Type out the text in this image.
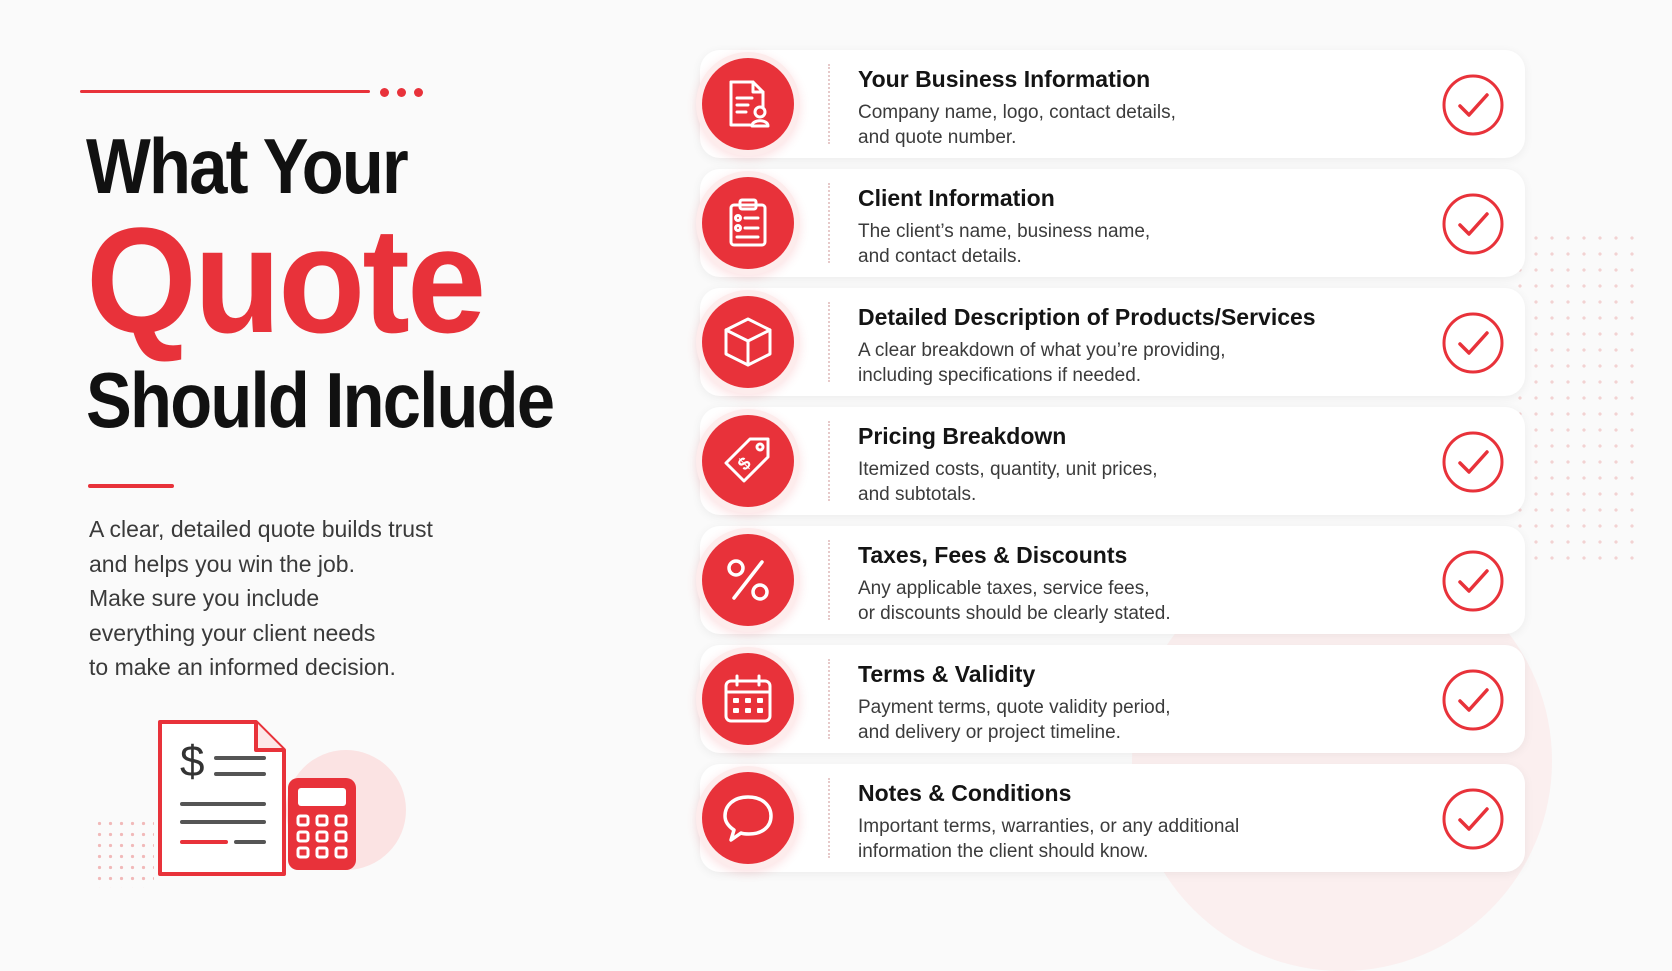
What Your
Quote
Should Include
A clear, detailed quote builds trust
and helps you win the job.
Make sure you include
everything your client needs
to make an informed decision.
$
Your Business Information
Company name, logo, contact details,
and quote number.
Client Information
The client’s name, business name,
and contact details.
Detailed Description of Products/Services
A clear breakdown of what you’re providing,
including specifications if needed.
$
Pricing Breakdown
Itemized costs, quantity, unit prices,
and subtotals.
Taxes, Fees & Discounts
Any applicable taxes, service fees,
or discounts should be clearly stated.
Terms & Validity
Payment terms, quote validity period,
and delivery or project timeline.
Notes & Conditions
Important terms, warranties, or any additional
information the client should know.
